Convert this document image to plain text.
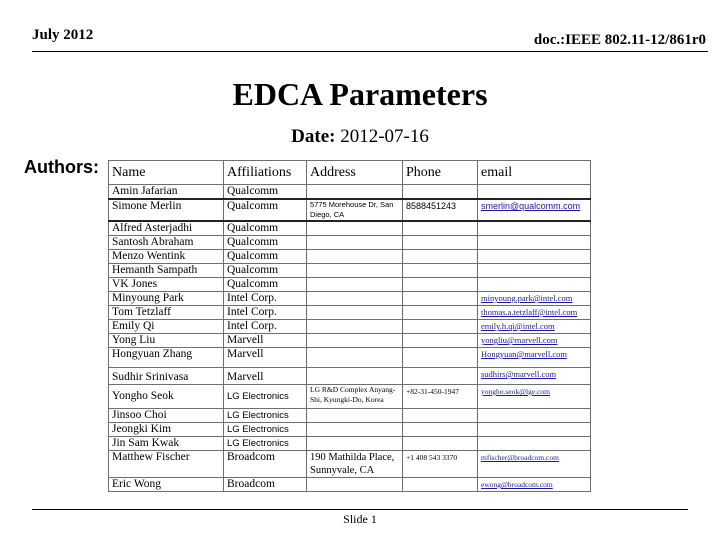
July 2012	doc.:IEEE 802.11-12/861r0
EDCA Parameters
Date: 2012-07-16
Authors: Name	Affiliations	Address	Phone	email
Amin Jafarian	Qualcomm			
Simone Merlin	Qualcomm	5775 Morehouse Dr, San Diego, CA	8588451243	smerlin@qualcomm.com
Alfred Asterjadhi	Qualcomm			
Santosh Abraham	Qualcomm			
Menzo Wentink	Qualcomm			
Hemanth Sampath	Qualcomm			
VK Jones	Qualcomm			
Minyoung Park	Intel Corp.			minyoung.park@intel.com
Tom Tetzlaff	Intel Corp.			thomas.a.tetzlaff@intel.com
Emily Qi	Intel Corp.			emily.h.qi@intel.com
Yong Liu	Marvell			yongliu@marvell.com
Hongyuan Zhang	Marvell			Hongyuan@marvell.com
Sudhir Srinivasa	Marvell			sudhirs@marvell.com
Yongho Seok	LG Electronics	LG R&D Complex Anyang-Shi, Kyungki-Do, Korea	+82-31-450-1947	yongho.seok@lge.com
Jinsoo Choi	LG Electronics			
Jeongki Kim	LG Electronics			
Jin Sam Kwak	LG Electronics			
Matthew Fischer	Broadcom	190 Mathilda Place, Sunnyvale, CA	+1 408 543 3370	mfischer@broadcom.com
Eric Wong	Broadcom			ewong@broadcom.com
Slide 1
